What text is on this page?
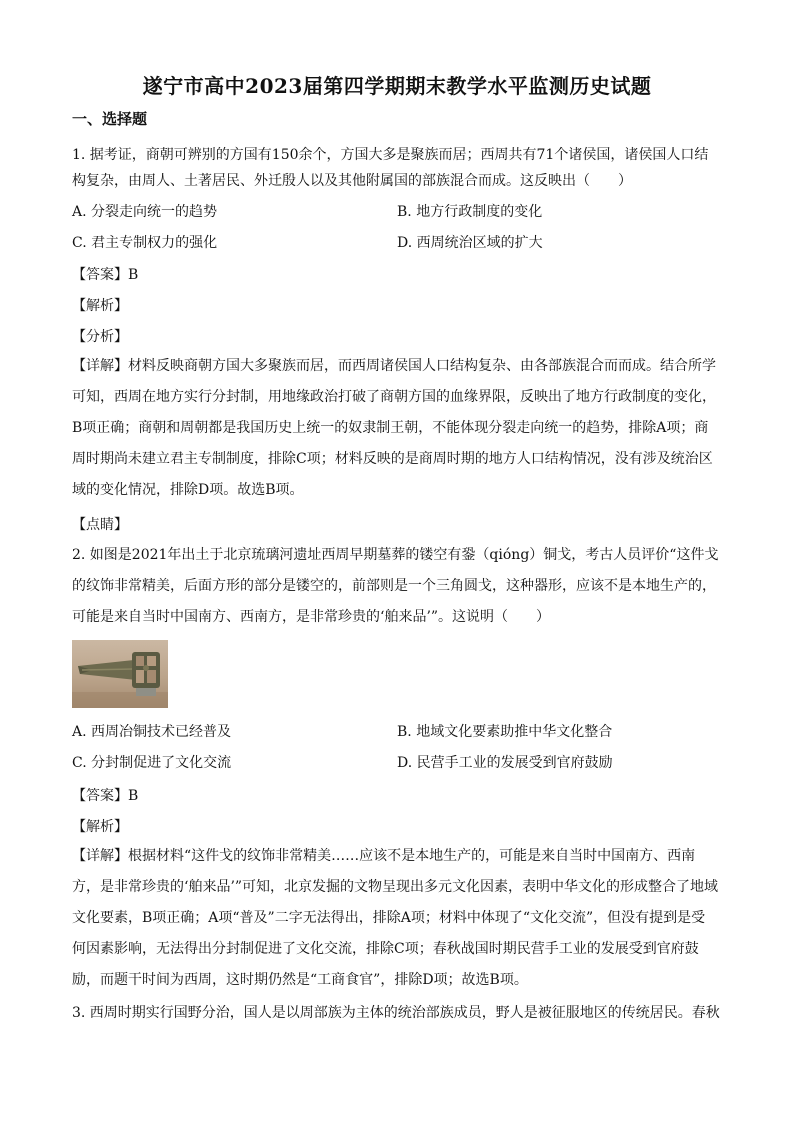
遂宁市高中2023届第四学期期末教学水平监测历史试题
一、选择题
1. 据考证，商朝可辨别的方国有150余个，方国大多是聚族而居；西周共有71个诸侯国，诸侯国人口结
构复杂，由周人、土著居民、外迁殷人以及其他附属国的部族混合而成。这反映出（　　）
A. 分裂走向统一的趋势	B. 地方行政制度的变化
C. 君主专制权力的强化	D. 西周统治区域的扩大
【答案】B
【解析】
【分析】
【详解】材料反映商朝方国大多聚族而居，而西周诸侯国人口结构复杂、由各部族混合而而成。结合所学
可知，西周在地方实行分封制，用地缘政治打破了商朝方国的血缘界限，反映出了地方行政制度的变化，
B项正确；商朝和周朝都是我国历史上统一的奴隶制王朝，不能体现分裂走向统一的趋势，排除A项；商
周时期尚未建立君主专制制度，排除C项；材料反映的是商周时期的地方人口结构情况，没有涉及统治区
域的变化情况，排除D项。故选B项。
【点睛】
2. 如图是2021年出土于北京琉璃河遗址西周早期墓葬的镂空有銎（qióng）铜戈，考古人员评价“这件戈
的纹饰非常精美，后面方形的部分是镂空的，前部则是一个三角圆戈，这种器形，应该不是本地生产的，
可能是来自当时中国南方、西南方，是非常珍贵的‘舶来品’”。这说明（　　）
A. 西周冶铜技术已经普及	B. 地域文化要素助推中华文化整合
C. 分封制促进了文化交流	D. 民营手工业的发展受到官府鼓励
【答案】B
【解析】
【详解】根据材料“这件戈的纹饰非常精美……应该不是本地生产的，可能是来自当时中国南方、西南
方，是非常珍贵的‘舶来品’”可知，北京发掘的文物呈现出多元文化因素，表明中华文化的形成整合了地域
文化要素，B项正确；A项“普及”二字无法得出，排除A项；材料中体现了“文化交流”，但没有提到是受
何因素影响，无法得出分封制促进了文化交流，排除C项；春秋战国时期民营手工业的发展受到官府鼓
励，而题干时间为西周，这时期仍然是“工商食官”，排除D项；故选B项。
3. 西周时期实行国野分治，国人是以周部族为主体的统治部族成员，野人是被征服地区的传统居民。春秋
